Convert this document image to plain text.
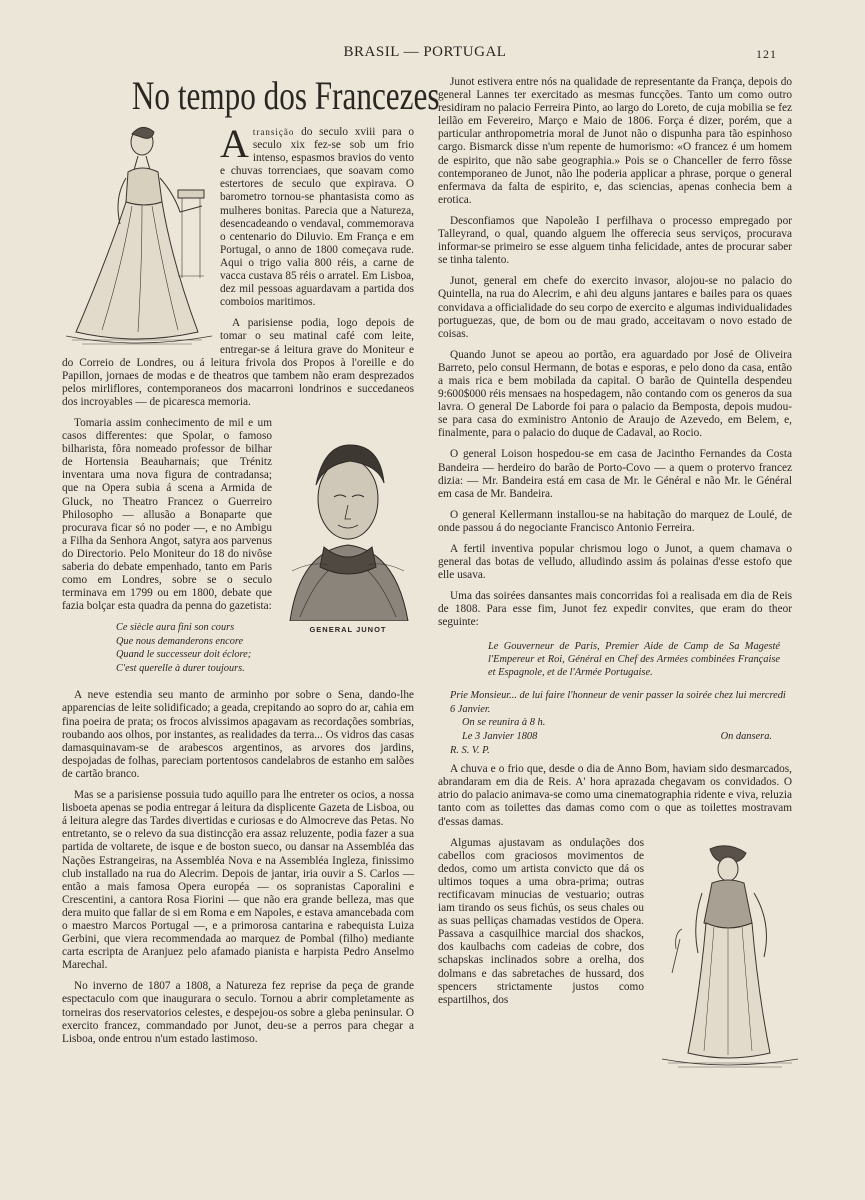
BRASIL — PORTUGAL	121
No tempo dos Francezes

Atransição do seculo xviii para o seculo xix fez-se sob um frio intenso, espasmos bravios do vento e chuvas torrenciaes, que soavam como estertores de seculo que expirava. O barometro tornou-se phantasista como as mulheres bonitas. Parecia que a Natureza, desencadeando o vendaval, commemorava o centenario do Diluvio. Em França e em Portugal, o anno de 1800 começava rude. Aqui o trigo valia 800 réis, a carne de vacca custava 85 réis o arratel. Em Lisboa, dez mil pessoas aguardavam a partida dos comboios maritimos.

A parisiense podia, logo depois de tomar o seu matinal café com leite, entregar-se á leitura grave do Moniteur e do Correio de Londres, ou á leitura frivola dos Propos à l'oreille e do Papillon, jornaes de modas e de theatros que tambem não eram desprezados pelos mirliflores, contemporaneos dos macarroni londrinos e succedaneos dos incroyables — de picaresca memoria.

GENERAL JUNOT

Tomaria assim conhecimento de mil e um casos differentes: que Spolar, o famoso bilharista, fôra nomeado professor de bilhar de Hortensia Beauharnais; que Trénitz inventara uma nova figura de contradansa; que na Opera subia á scena a Armida de Gluck, no Theatro Francez o Guerreiro Philosopho — allusão a Bonaparte que procurava ficar só no poder —, e no Ambigu a Filha da Senhora Angot, satyra aos parvenus do Directorio. Pelo Moniteur do 18 do nivôse saberia do debate empenhado, tanto em Paris como em Londres, sobre se o seculo terminava em 1799 ou em 1800, debate que fazia bolçar esta quadra da penna do gazetista:

Ce siècle aura fini son cours
Que nous demanderons encore
Quand le successeur doit éclore;
C'est querelle à durer toujours.

A neve estendia seu manto de arminho por sobre o Sena, dando-lhe apparencias de leite solidificado; a geada, crepitando ao sopro do ar, cahia em fina poeira de prata; os frocos alvissimos apagavam as recordações sombrias, roubando aos olhos, por instantes, as realidades da terra... Os vidros das casas damasquinavam-se de arabescos argentinos, as arvores dos jardins, despojadas de folhas, pareciam portentosos candelabros de estanho em salões de cartão branco.

Mas se a parisiense possuia tudo aquillo para lhe entreter os ocios, a nossa lisboeta apenas se podia entregar á leitura da displicente Gazeta de Lisboa, ou á leitura alegre das Tardes divertidas e curiosas e do Almocreve das Petas. No entretanto, se o relevo da sua distincção era assaz reluzente, podia fazer a sua partida de voltarete, de isque e de boston sueco, ou dansar na Assembléa das Nações Estrangeiras, na Assembléa Nova e na Assembléa Ingleza, finissimo club installado na rua do Alecrim. Depois de jantar, iria ouvir a S. Carlos — então a mais famosa Opera européa — os sopranistas Caporalini e Crescentini, a cantora Rosa Fiorini — que não era grande belleza, mas que dera muito que fallar de si em Roma e em Napoles, e estava amancebada com o maestro Marcos Portugal —, e a primorosa cantarina e rabequista Luiza Gerbini, que viera recommendada ao marquez de Pombal (filho) mediante carta escripta de Aranjuez pelo afamado pianista e harpista Pedro Anselmo Marechal.

No inverno de 1807 a 1808, a Natureza fez reprise da peça de grande espectaculo com que inaugurara o seculo. Tornou a abrir completamente as torneiras dos reservatorios celestes, e despejou-os sobre a gleba peninsular. O exercito francez, commandado por Junot, deu-se a perros para chegar a Lisboa, onde entrou n'um estado lastimoso.

Junot estivera entre nós na qualidade de representante da França, depois do general Lannes ter exercitado as mesmas funcções. Tanto um como outro residiram no palacio Ferreira Pinto, ao largo do Loreto, de cuja mobilia se fez leilão em Fevereiro, Março e Maio de 1806. Força é dizer, porém, que a particular anthropometria moral de Junot não o dispunha para tão espinhoso cargo. Bismarck disse n'um repente de humorismo: «O francez é um homem de espirito, que não sabe geographia.» Pois se o Chanceller de ferro fôsse contemporaneo de Junot, não lhe poderia applicar a phrase, porque o general enfermava da falta de espirito, e, das sciencias, apenas conhecia bem a erotica.

Desconfiamos que Napoleão I perfilhava o processo empregado por Talleyrand, o qual, quando alguem lhe offerecia seus serviços, procurava informar-se primeiro se esse alguem tinha felicidade, antes de procurar saber se tinha talento.

Junot, general em chefe do exercito invasor, alojou-se no palacio do Quintella, na rua do Alecrim, e ahi deu alguns jantares e bailes para os quaes convidava a officialidade do seu corpo de exercito e algumas individualidades portuguezas, que, de bom ou de mau grado, acceitavam o novo estado de coisas.

Quando Junot se apeou ao portão, era aguardado por José de Oliveira Barreto, pelo consul Hermann, de botas e esporas, e pelo dono da casa, então a mais rica e bem mobilada da capital. O barão de Quintella despendeu 9:600$000 réis mensaes na hospedagem, não contando com os generos da sua lavra. O general De Laborde foi para o palacio da Bemposta, depois mudou-se para casa do exministro Antonio de Araujo de Azevedo, em Belem, e, finalmente, para o palacio do duque de Cadaval, ao Rocio.

O general Loison hospedou-se em casa de Jacintho Fernandes da Costa Bandeira — herdeiro do barão de Porto-Covo — a quem o protervo francez dizia: — Mr. Bandeira está em casa de Mr. le Général e não Mr. le Général em casa de Mr. Bandeira.

O general Kellermann installou-se na habitação do marquez de Loulé, de onde passou á do negociante Francisco Antonio Ferreira.

A fertil inventiva popular chrismou logo o Junot, a quem chamava o general das botas de velludo, alludindo assim ás polainas d'esse estofo que elle usava.

Uma das soirées dansantes mais concorridas foi a realisada em dia de Reis de 1808. Para esse fim, Junot fez expedir convites, que eram do theor seguinte:

Le Gouverneur de Paris, Premier Aide de Camp de Sa Magesté l'Empereur et Roi, Général en Chef des Armées combinées Française et Espagnole, et de l'Armée Portugaise.
Prie Monsieur... de lui faire l'honneur de venir passer la soirée chez lui mercredi 6 Janvier.
On se reunira à 8 h.
Le 3 Janvier 1808	On dansera.
R. S. V. P.

A chuva e o frio que, desde o dia de Anno Bom, haviam sido desmarcados, abrandaram em dia de Reis. A' hora aprazada chegavam os convidados. O atrio do palacio animava-se como uma cinematographia ridente e viva, reluzia tanto com as toilettes das damas como com o que as toilettes mostravam d'essas damas.

Algumas ajustavam as ondulações dos cabellos com graciosos movimentos de dedos, como um artista convicto que dá os ultimos toques a uma obra-prima; outras rectificavam minucias de vestuario; outras iam tirando os seus fichús, os seus chales ou as suas pelliças chamadas vestidos de Opera. Passava a casquilhice marcial dos shackos, dos kaulbachs com cadeias de cobre, dos schapskas inclinados sobre a orelha, dos dolmans e das sabretaches de hussard, dos spencers strictamente justos como espartilhos, dos
